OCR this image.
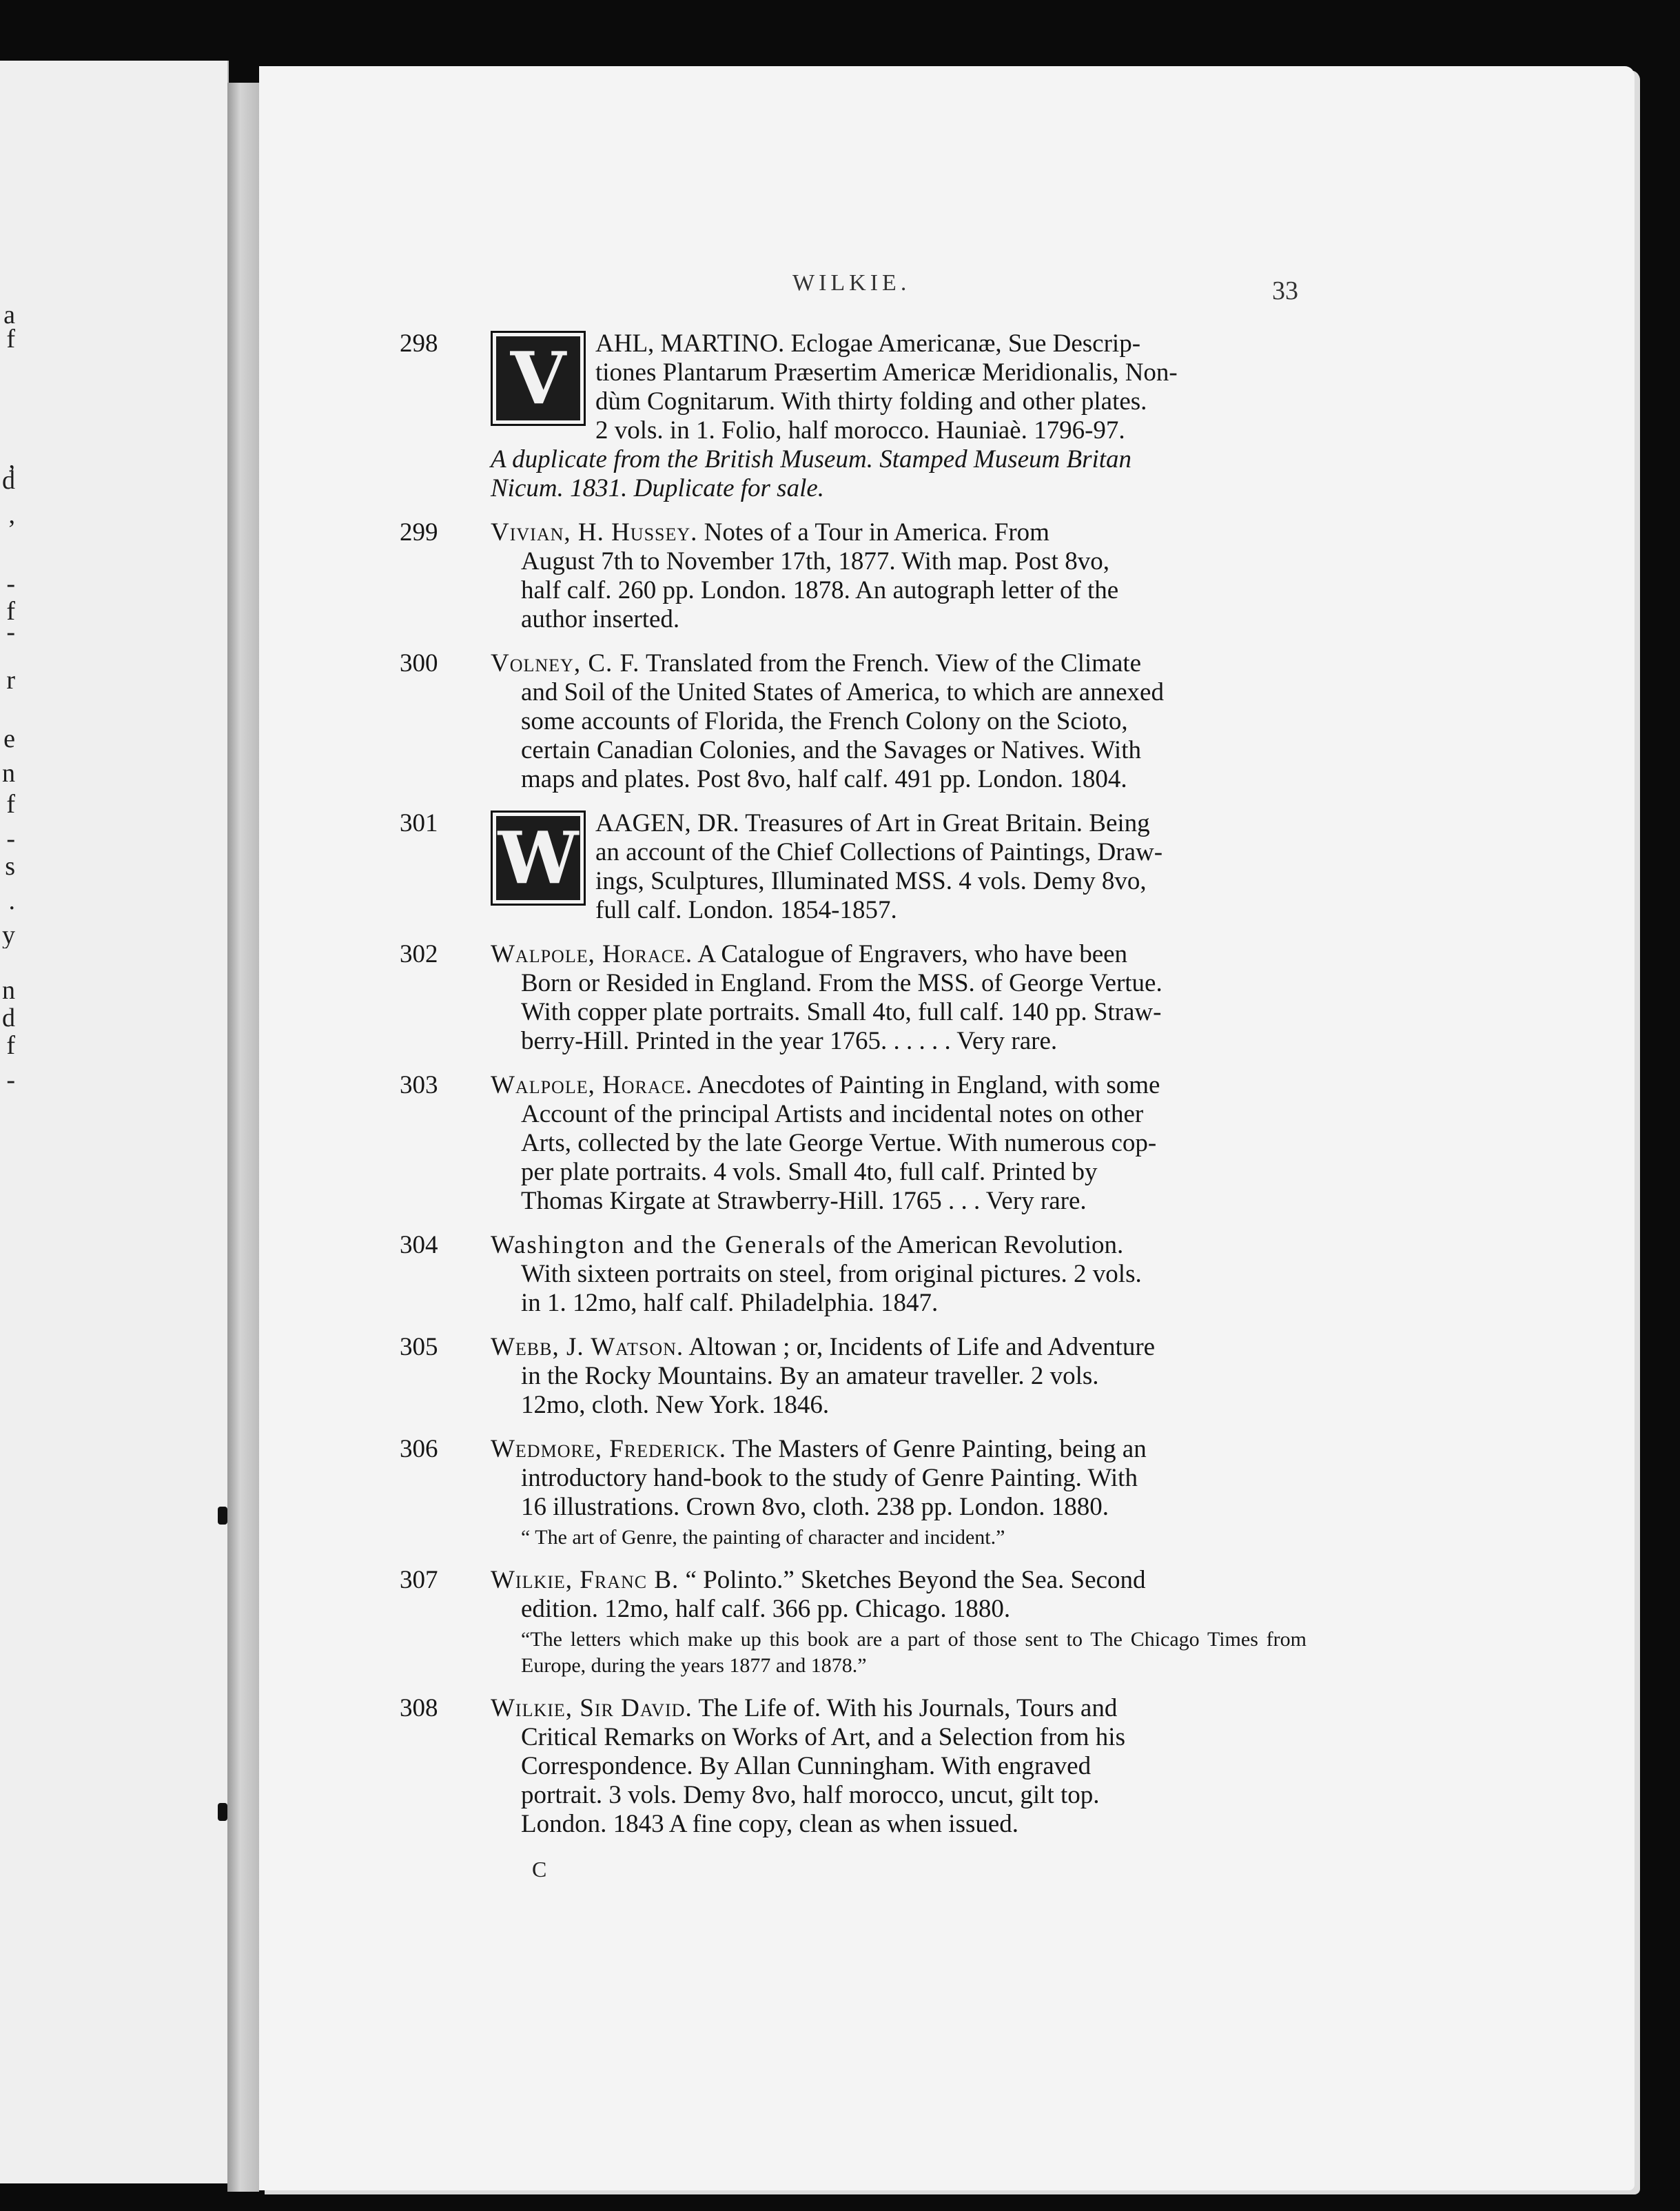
a
f
,
d
,
-
f
-
r
e
n
f
-
s
.
y
n
d
f
-
WILKIE.	33
298 V	AHL, MARTINO. Eclogae Americanæ, Sue Descrip-
tiones Plantarum Præsertim Americæ Meridionalis, Non-
dùm Cognitarum. With thirty folding and other plates.
2 vols. in 1. Folio, half morocco. Hauniaè. 1796-97.
A duplicate from the British Museum. Stamped Museum Britan
Nicum. 1831. Duplicate for sale.
299 Vivian, H. Hussey. Notes of a Tour in America. From
August 7th to November 17th, 1877. With map. Post 8vo,
half calf. 260 pp. London. 1878. An autograph letter of the
author inserted.
300 Volney, C. F. Translated from the French. View of the Climate
and Soil of the United States of America, to which are annexed
some accounts of Florida, the French Colony on the Scioto,
certain Canadian Colonies, and the Savages or Natives. With
maps and plates. Post 8vo, half calf. 491 pp. London. 1804.
301 W AAGEN, DR. Treasures of Art in Great Britain. Being
an account of the Chief Collections of Paintings, Draw-
ings, Sculptures, Illuminated MSS. 4 vols. Demy 8vo,
full calf. London. 1854-1857.
302 Walpole, Horace. A Catalogue of Engravers, who have been
Born or Resided in England. From the MSS. of George Vertue.
With copper plate portraits. Small 4to, full calf. 140 pp. Straw-
berry-Hill. Printed in the year 1765. . . . . . Very rare.
303 Walpole, Horace. Anecdotes of Painting in England, with some
Account of the principal Artists and incidental notes on other
Arts, collected by the late George Vertue. With numerous cop-
per plate portraits. 4 vols. Small 4to, full calf. Printed by
Thomas Kirgate at Strawberry-Hill. 1765 . . . Very rare.
304 Washington and the Generals of the American Revolution.
With sixteen portraits on steel, from original pictures. 2 vols.
in 1. 12mo, half calf. Philadelphia. 1847.
305 Webb, J. Watson. Altowan ; or, Incidents of Life and Adventure
in the Rocky Mountains. By an amateur traveller. 2 vols.
12mo, cloth. New York. 1846.
306 Wedmore, Frederick. The Masters of Genre Painting, being an
introductory hand-book to the study of Genre Painting. With
16 illustrations. Crown 8vo, cloth. 238 pp. London. 1880.
“ The art of Genre, the painting of character and incident.”
307 Wilkie, Franc B. “ Polinto.” Sketches Beyond the Sea. Second
edition. 12mo, half calf. 366 pp. Chicago. 1880.
“The letters which make up this book are a part of those sent to The Chicago Times from Europe, during the years 1877 and 1878.”
308 Wilkie, Sir David. The Life of. With his Journals, Tours and
Critical Remarks on Works of Art, and a Selection from his
Correspondence. By Allan Cunningham. With engraved
portrait. 3 vols. Demy 8vo, half morocco, uncut, gilt top.
London. 1843 A fine copy, clean as when issued.
C
